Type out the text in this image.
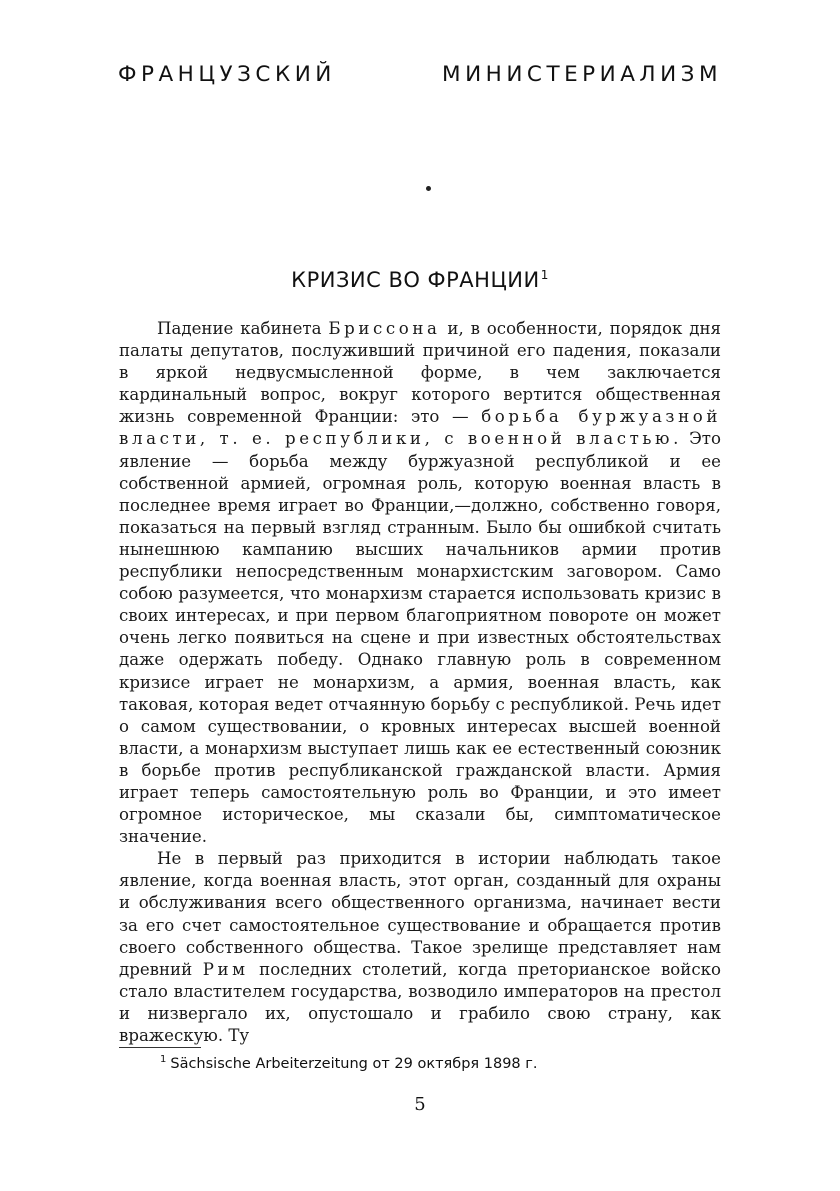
ФРАНЦУЗСКИЙ МИНИСТЕРИАЛИЗМ
КРИЗИС ВО ФРАНЦИИ$^1$

Падение кабинета Бриссона и, в особенности, порядок дня палаты депутатов, послуживший причиной его падения, показали в яркой недвусмысленной форме, в чем заключается кардинальный вопрос, вокруг которого вертится общественная жизнь современной Франции: это — борьба буржуазной власти, т. е. республики, с военной властью. Это явление — борьба между буржуазной республикой и ее собственной армией, огромная роль, которую военная власть в последнее время играет во Франции,—должно, собственно говоря, показаться на первый взгляд странным. Было бы ошибкой считать нынешнюю кампанию высших начальников армии против республики непосредственным монархистским заговором. Само собою разумеется, что монархизм старается использовать кризис в своих интересах, и при первом благоприятном повороте он может очень легко появиться на сцене и при известных обстоятельствах даже одержать победу. Однако главную роль в современном кризисе играет не монархизм, а армия, военная власть, как таковая, которая ведет отчаянную борьбу с республикой. Речь идет о самом существовании, о кровных интересах высшей военной власти, а монархизм выступает лишь как ее естественный союзник в борьбе против республиканской гражданской власти. Армия играет теперь самостоятельную роль во Франции, и это имеет огромное историческое, мы сказали бы, симптоматическое значение.

Не в первый раз приходится в истории наблюдать такое явление, когда военная власть, этот орган, созданный для охраны и обслуживания всего общественного организма, начинает вести за его счет самостоятельное существование и обращается против своего собственного общества. Такое зрелище представляет нам древний Рим последних столетий, когда преторианское войско стало властителем государства, возводило императоров на престол и низвергало их, опустошало и грабило свою страну, как вражескую. Ту

$^1$ Sächsische Arbeiterzeitung от 29 октября 1898 г.
5
